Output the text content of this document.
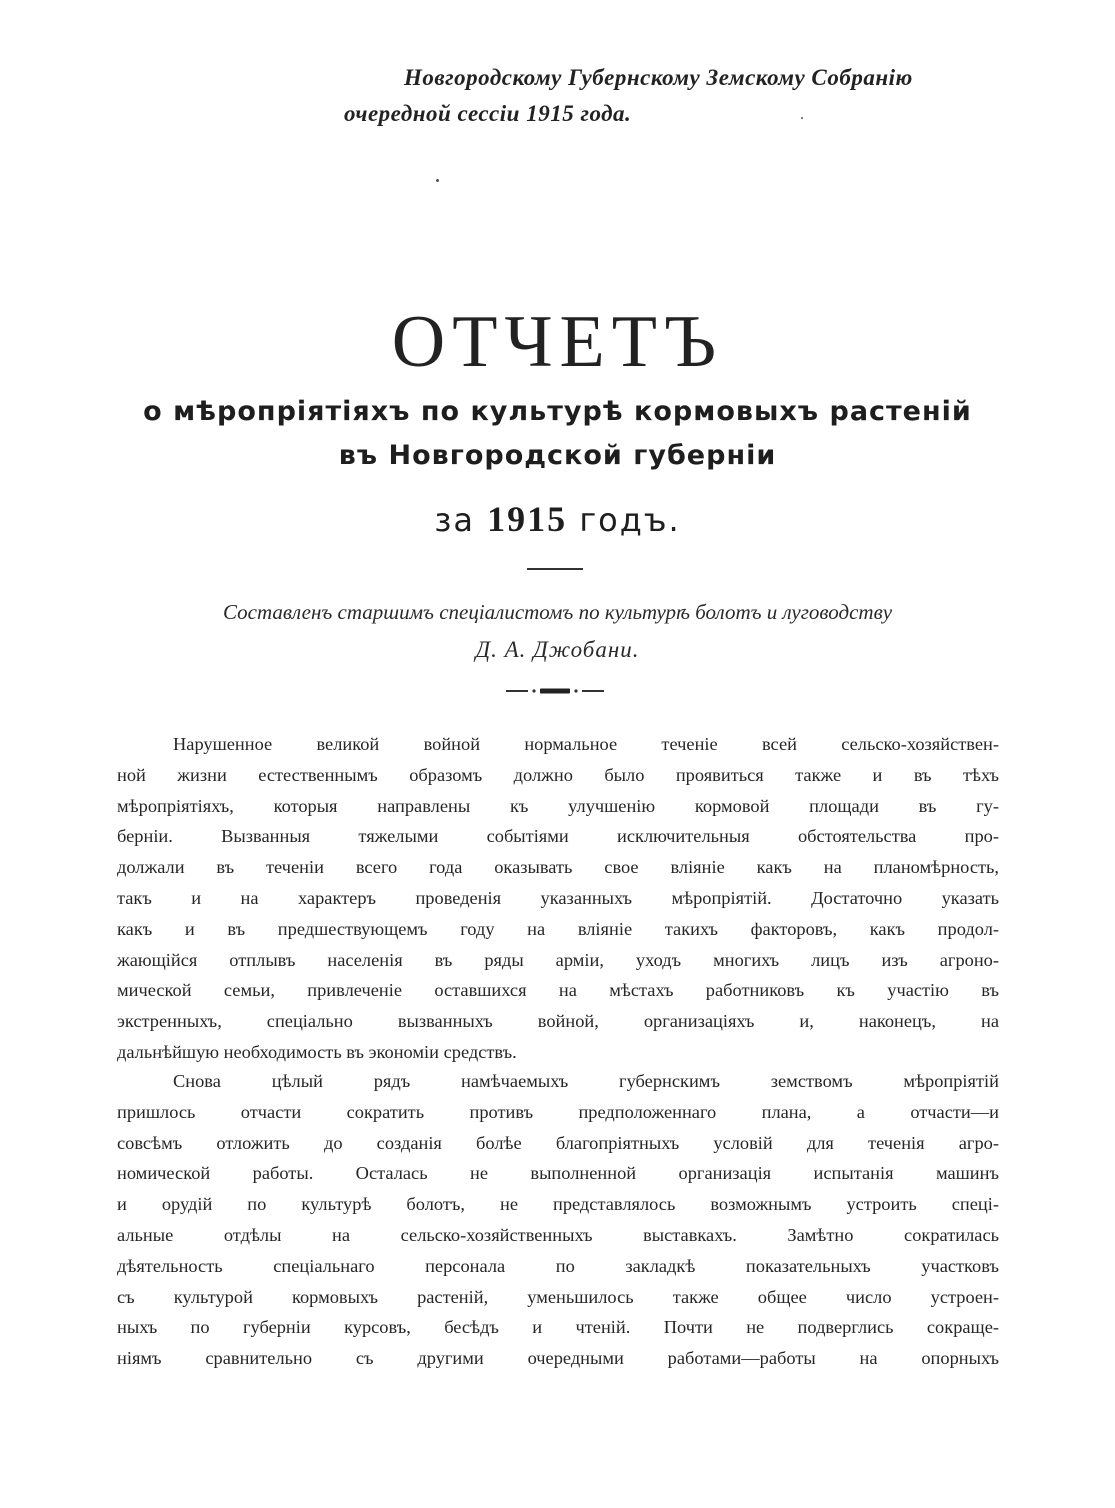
Новгородскому Губернскому Земскому Собранію
очередной сессіи 1915 года.
ОТЧЕТЪ
о мѣропріятіяхъ по культурѣ кормовыхъ растеній
въ Новгородской губерніи
за 1915 годъ.
Составленъ старшимъ спеціалистомъ по культурѣ болотъ и луговодству
Д. А. Джобани.
Нарушенное великой войной нормальное теченіе всей сельско-хозяйствен-
ной жизни естественнымъ образомъ должно было проявиться также и въ тѣхъ
мѣропріятіяхъ, которыя направлены къ улучшенію кормовой площади въ гу-
берніи. Вызванныя тяжелыми событіями исключительныя обстоятельства про-
должали въ теченіи всего года оказывать свое вліяніе какъ на планомѣрность,
такъ и на характеръ проведенія указанныхъ мѣропріятій. Достаточно указать
какъ и въ предшествующемъ году на вліяніе такихъ факторовъ, какъ продол-
жающійся отплывъ населенія въ ряды арміи, уходъ многихъ лицъ изъ агроно-
мической семьи, привлеченіе оставшихся на мѣстахъ работниковъ къ участію въ
экстренныхъ, спеціально вызванныхъ войной, организаціяхъ и, наконецъ, на
дальнѣйшую необходимость въ экономіи средствъ.
Снова цѣлый рядъ намѣчаемыхъ губернскимъ земствомъ мѣропріятій
пришлось отчасти сократить противъ предположеннаго плана, а отчасти—и
совсѣмъ отложить до созданія болѣе благопріятныхъ условій для теченія агро-
номической работы. Осталась не выполненной организація испытанія машинъ
и орудій по культурѣ болотъ, не представлялось возможнымъ устроить спеці-
альные отдѣлы на сельско-хозяйственныхъ выставкахъ. Замѣтно сократилась
дѣятельность спеціальнаго персонала по закладкѣ показательныхъ участковъ
съ культурой кормовыхъ растеній, уменьшилось также общее число устроен-
ныхъ по губерніи курсовъ, бесѣдъ и чтеній. Почти не подверглись сокраще-
ніямъ сравнительно съ другими очередными работами—работы на опорныхъ
